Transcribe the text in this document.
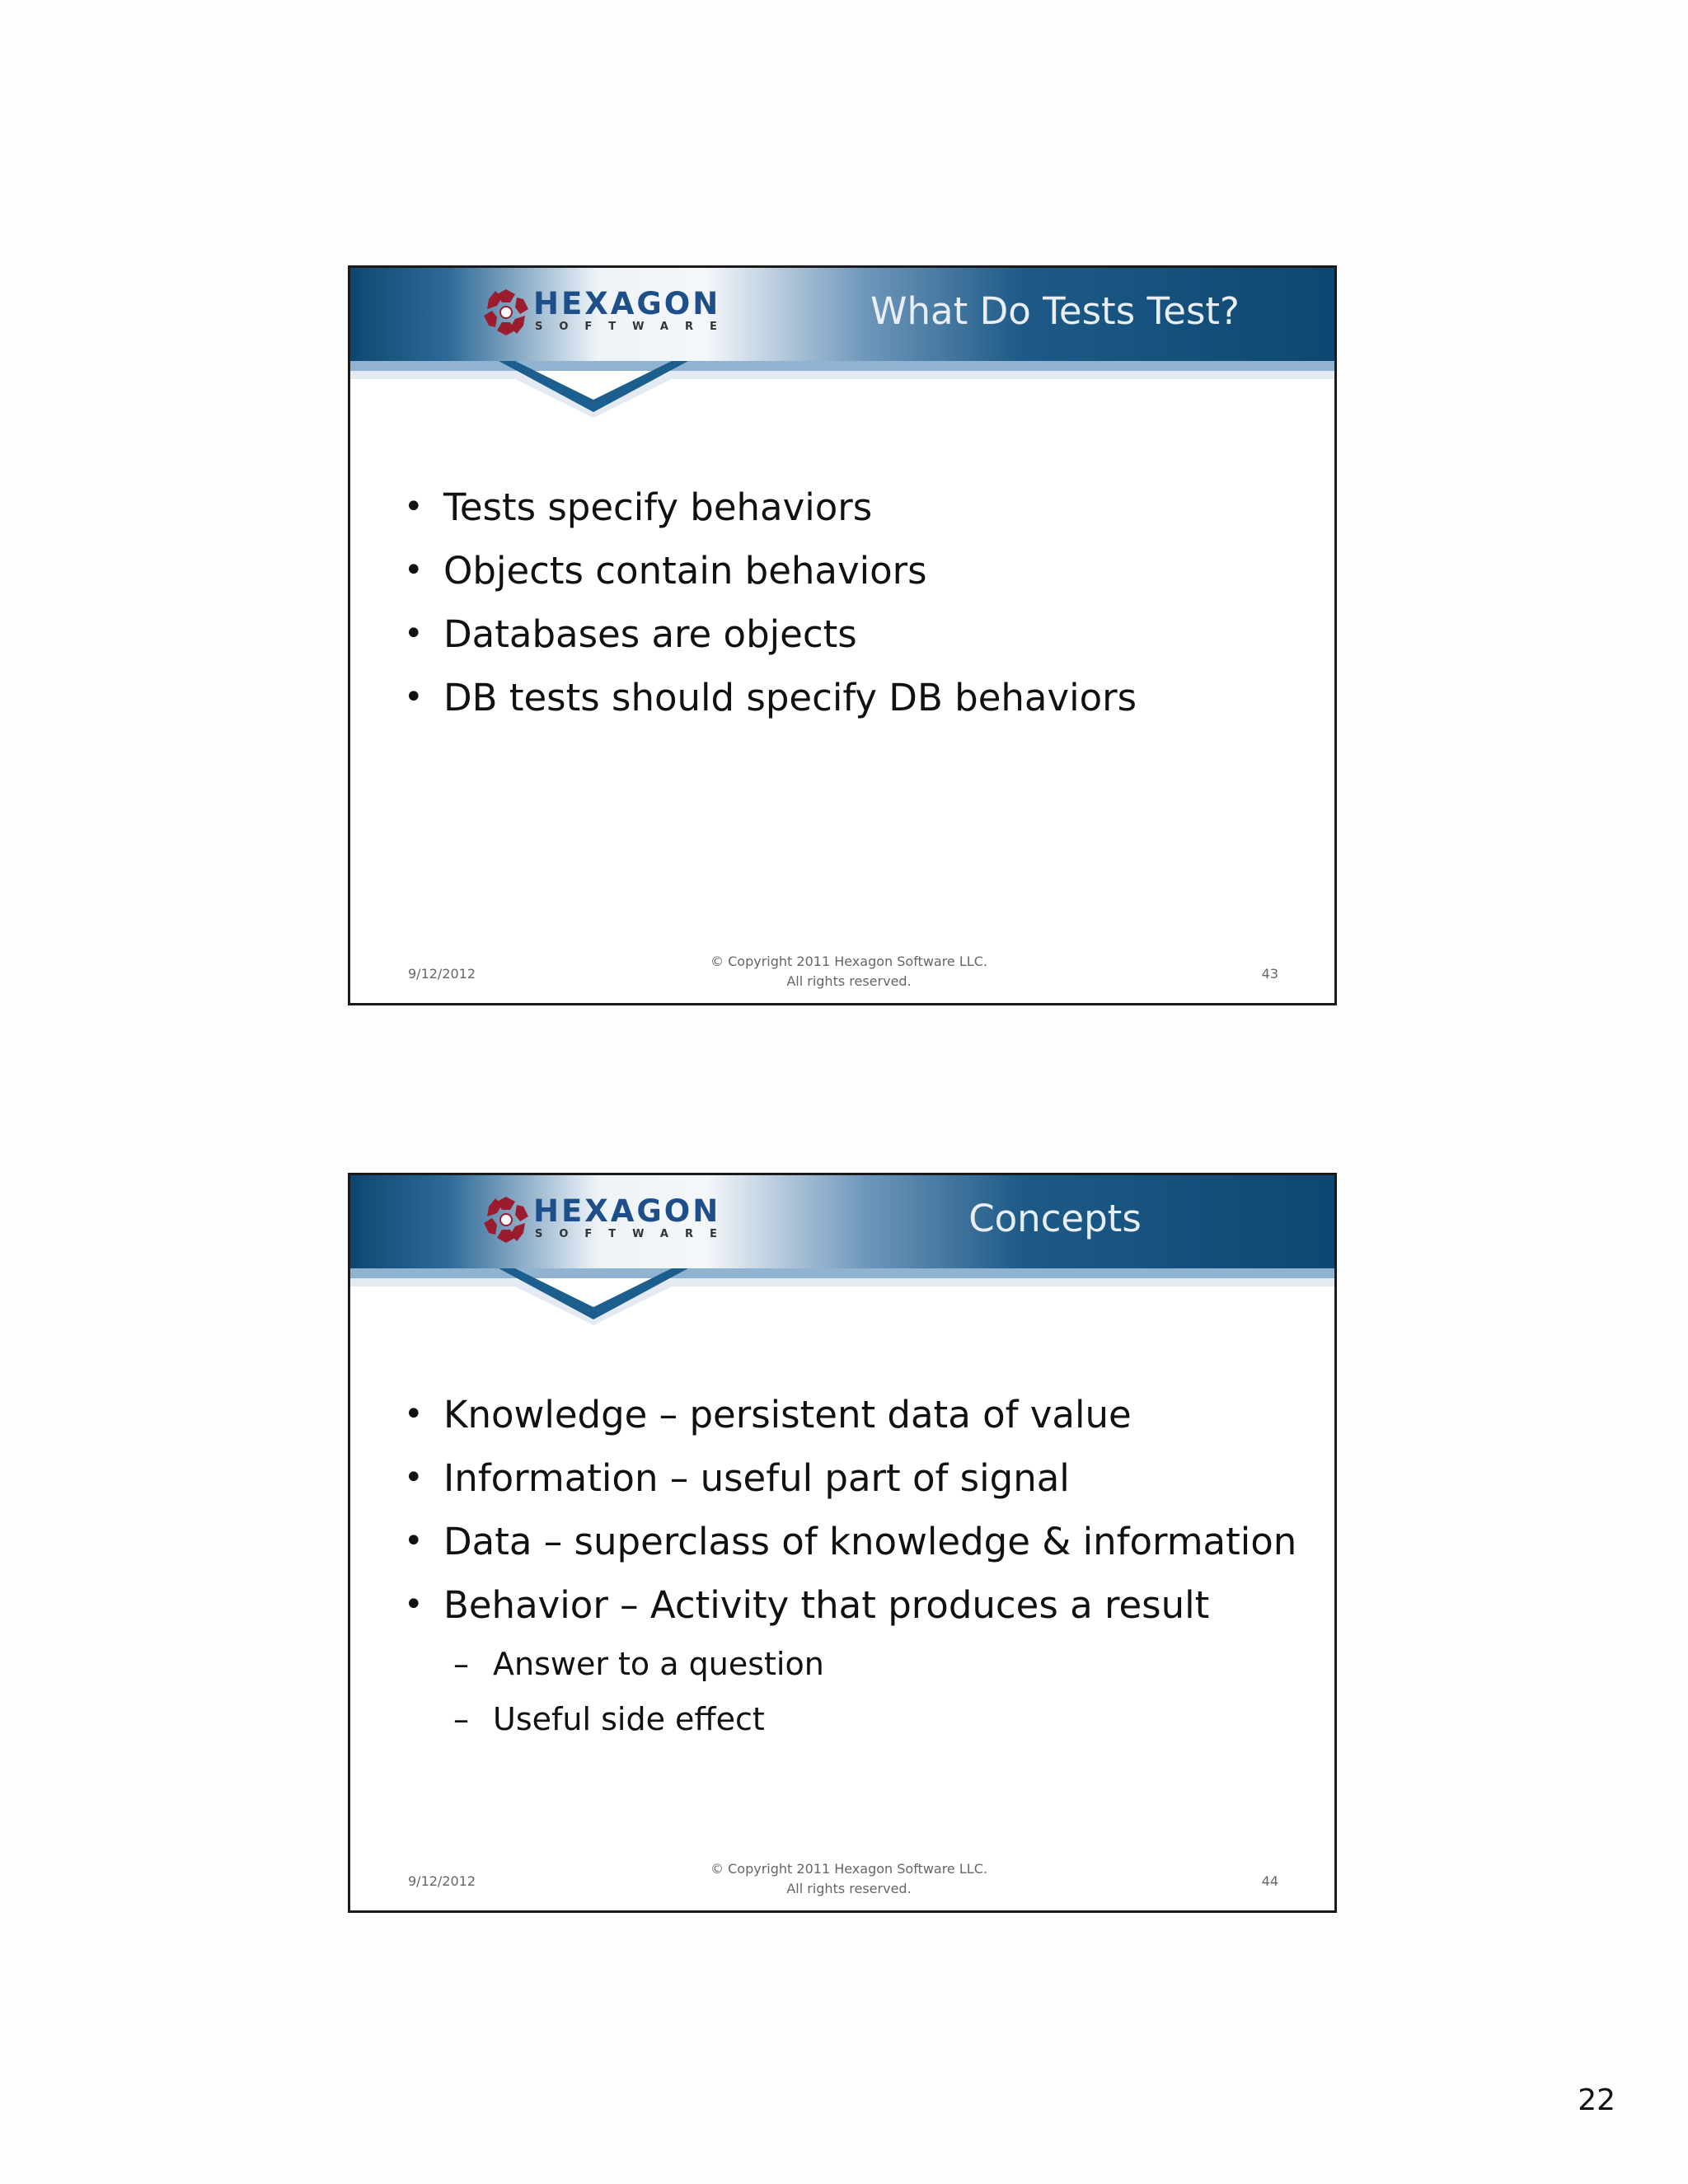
HEXAGON
SOFTWARE	What Do Tests Test?
• Tests specify behaviors
• Objects contain behaviors
• Databases are objects
• DB tests should specify DB behaviors
9/12/2012
© Copyright 2011 Hexagon Software LLC.
All rights reserved.	43
HEXAGON
SOFTWARE	Concepts
• Knowledge – persistent data of value
• Information – useful part of signal
• Data – superclass of knowledge & information
• Behavior – Activity that produces a result
– Answer to a question
– Useful side effect
9/12/2012
© Copyright 2011 Hexagon Software LLC.
All rights reserved.	44
22
